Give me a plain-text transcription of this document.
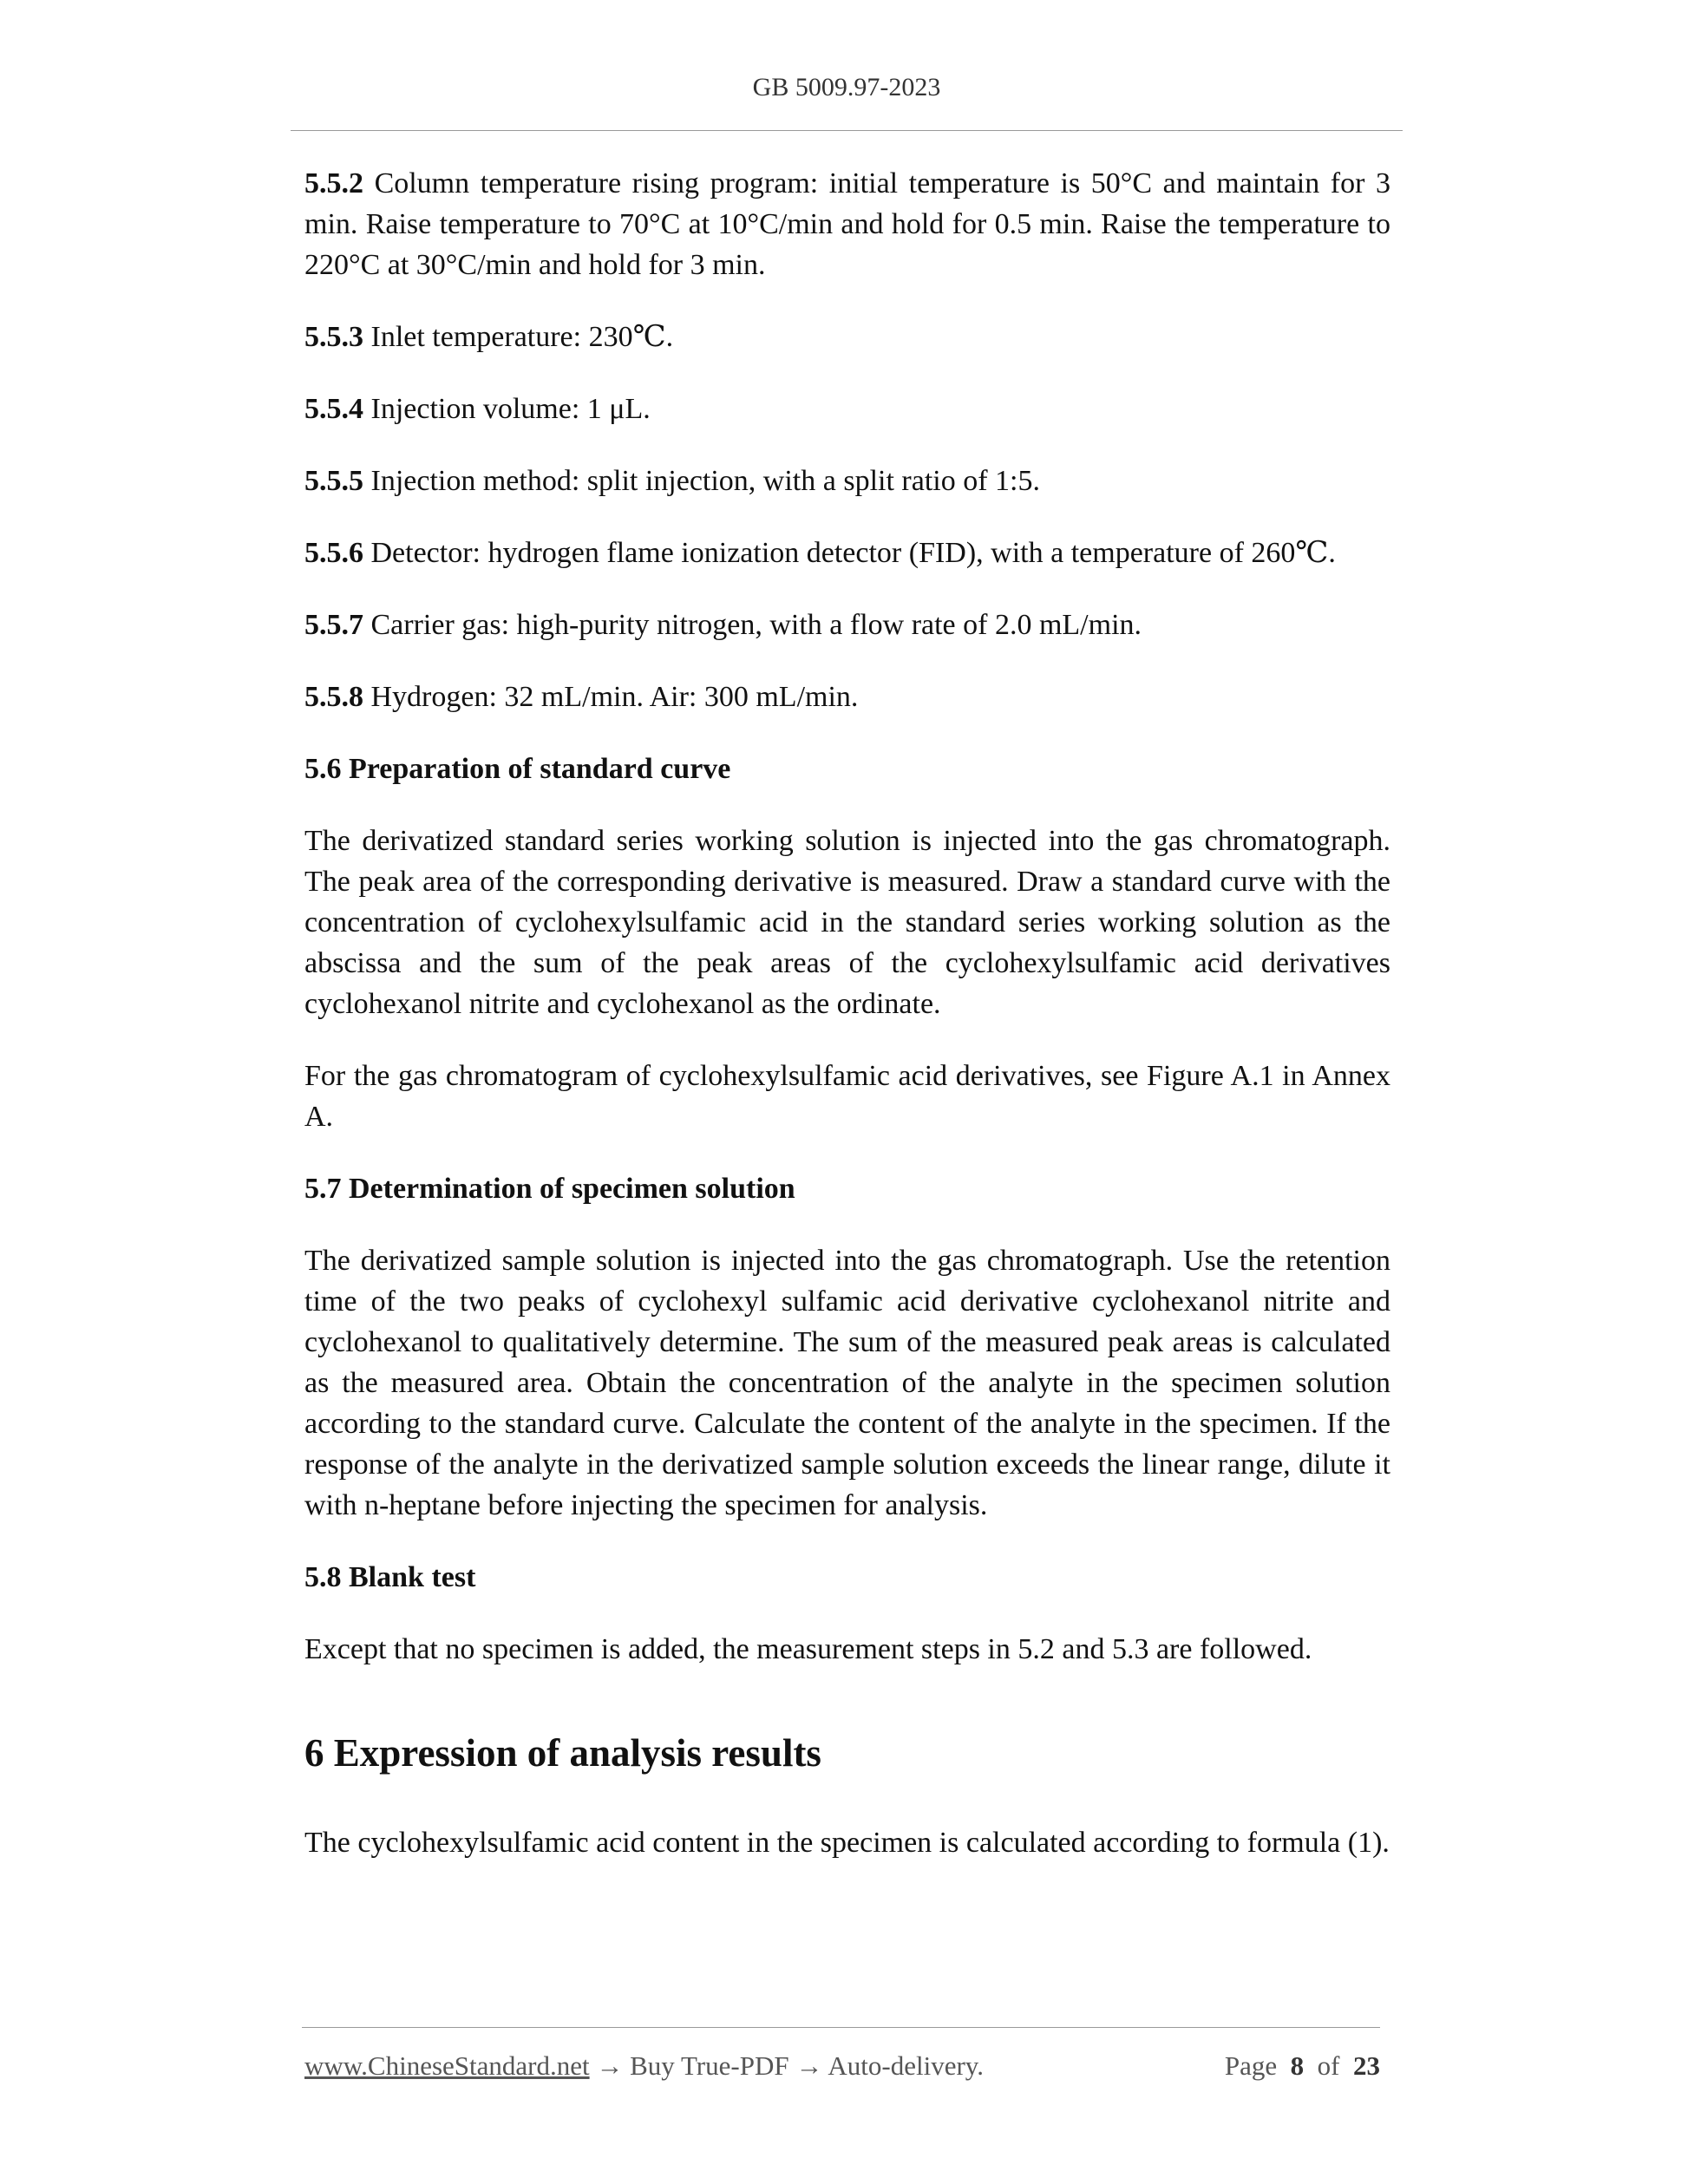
GB 5009.97-2023

5.5.2 Column temperature rising program: initial temperature is 50°C and maintain for 3 min. Raise temperature to 70°C at 10°C/min and hold for 0.5 min. Raise the temperature to 220°C at 30°C/min and hold for 3 min.

5.5.3 Inlet temperature: 230℃.

5.5.4 Injection volume: 1 μL.

5.5.5 Injection method: split injection, with a split ratio of 1:5.

5.5.6 Detector: hydrogen flame ionization detector (FID), with a temperature of 260℃.

5.5.7 Carrier gas: high-purity nitrogen, with a flow rate of 2.0 mL/min.

5.5.8 Hydrogen: 32 mL/min. Air: 300 mL/min.

5.6 Preparation of standard curve

The derivatized standard series working solution is injected into the gas chromatograph. The peak area of the corresponding derivative is measured. Draw a standard curve with the concentration of cyclohexylsulfamic acid in the standard series working solution as the abscissa and the sum of the peak areas of the cyclohexylsulfamic acid derivatives cyclohexanol nitrite and cyclohexanol as the ordinate.

For the gas chromatogram of cyclohexylsulfamic acid derivatives, see Figure A.1 in Annex A.

5.7 Determination of specimen solution

The derivatized sample solution is injected into the gas chromatograph. Use the retention time of the two peaks of cyclohexyl sulfamic acid derivative cyclohexanol nitrite and cyclohexanol to qualitatively determine. The sum of the measured peak areas is calculated as the measured area. Obtain the concentration of the analyte in the specimen solution according to the standard curve. Calculate the content of the analyte in the specimen. If the response of the analyte in the derivatized sample solution exceeds the linear range, dilute it with n-heptane before injecting the specimen for analysis.

5.8 Blank test

Except that no specimen is added, the measurement steps in 5.2 and 5.3 are followed.

6 Expression of analysis results

The cyclohexylsulfamic acid content in the specimen is calculated according to formula (1).

www.ChineseStandard.net → Buy True-PDF → Auto-delivery.	Page 8 of 23
